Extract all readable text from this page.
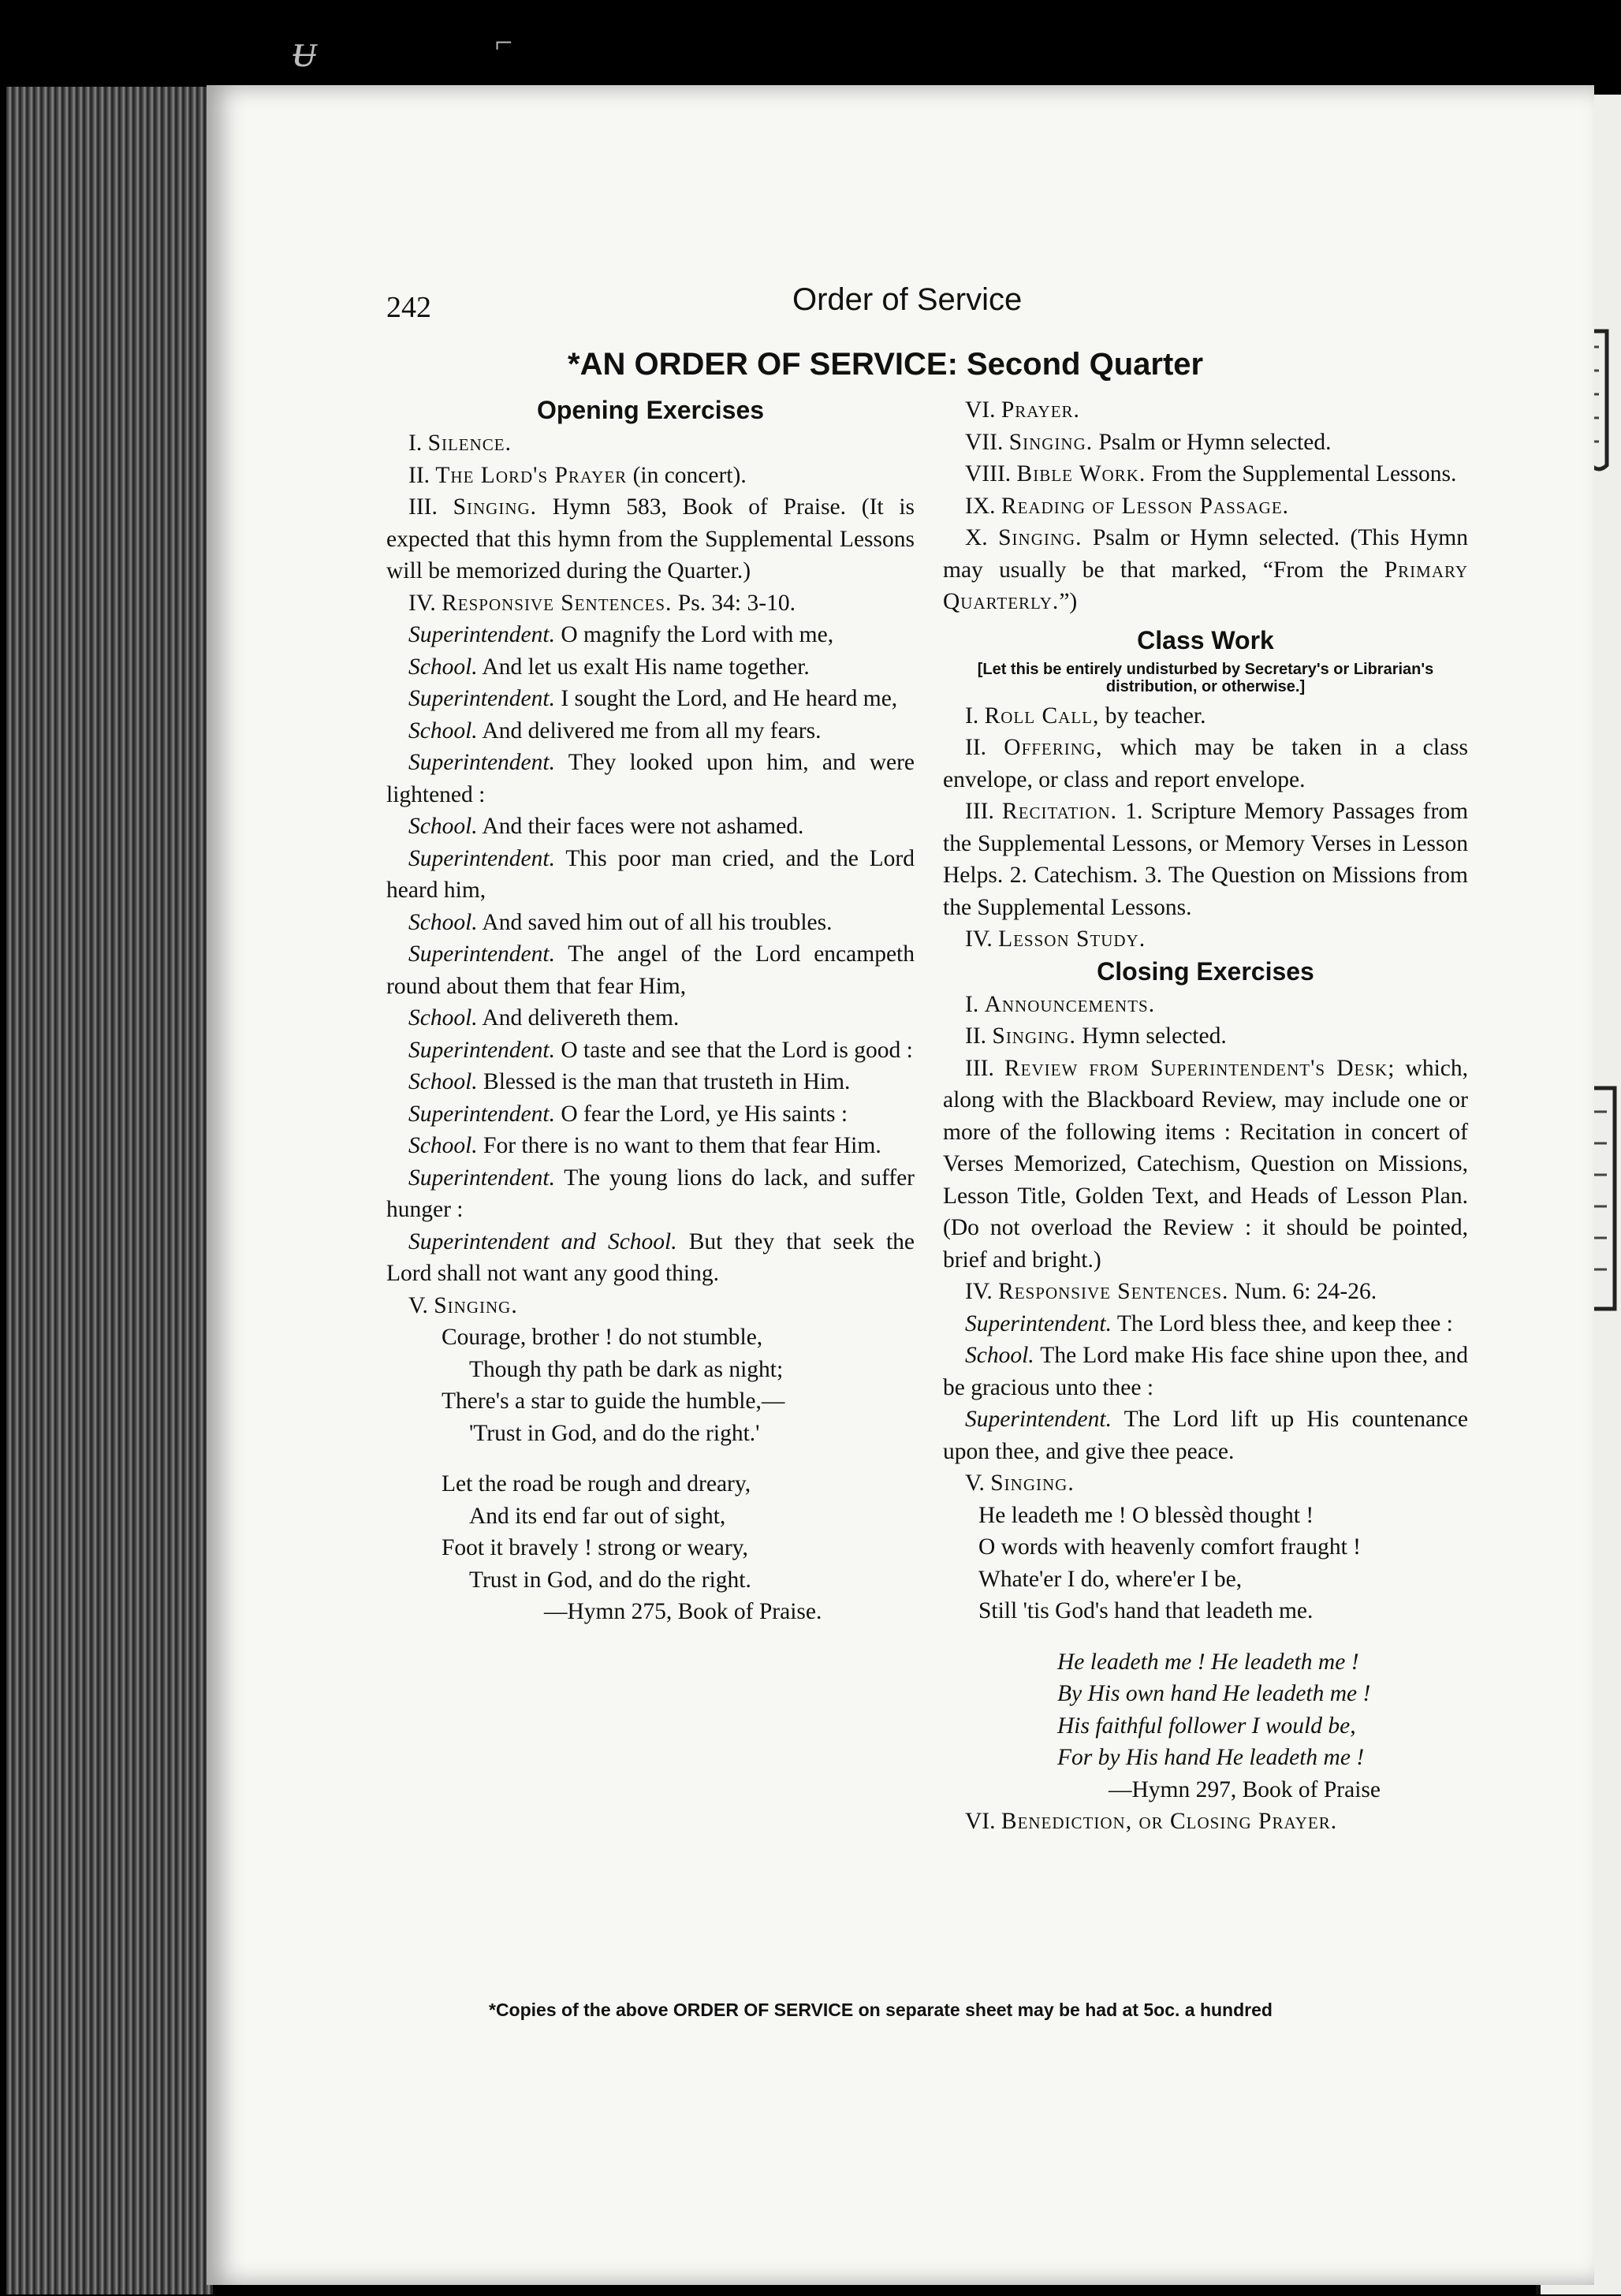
ᵾ	⌐
242	Order of Service
*AN ORDER OF SERVICE: Second Quarter
Opening Exercises

I. Silence.

II. The Lord's Prayer (in concert).

III. Singing. Hymn 583, Book of Praise. (It is expected that this hymn from the Supplemental Lessons will be memorized during the Quarter.)

IV. Responsive Sentences. Ps. 34: 3-10.

Superintendent. O magnify the Lord with me,

School. And let us exalt His name together.

Superintendent. I sought the Lord, and He heard me,

School. And delivered me from all my fears.

Superintendent. They looked upon him, and were lightened :

School. And their faces were not ashamed.

Superintendent. This poor man cried, and the Lord heard him,

School. And saved him out of all his troubles.

Superintendent. The angel of the Lord encampeth round about them that fear Him,

School. And delivereth them.

Superintendent. O taste and see that the Lord is good :

School. Blessed is the man that trusteth in Him.

Superintendent. O fear the Lord, ye His saints :

School. For there is no want to them that fear Him.

Superintendent. The young lions do lack, and suffer hunger :

Superintendent and School. But they that seek the Lord shall not want any good thing.

V. Singing.

Courage, brother ! do not stumble,

Though thy path be dark as night;

There's a star to guide the humble,—

'Trust in God, and do the right.'

Let the road be rough and dreary,

And its end far out of sight,

Foot it bravely ! strong or weary,

Trust in God, and do the right.

—Hymn 275, Book of Praise.

VI. Prayer.

VII. Singing. Psalm or Hymn selected.

VIII. Bible Work. From the Supplemental Lessons.

IX. Reading of Lesson Passage.

X. Singing. Psalm or Hymn selected. (This Hymn may usually be that marked, “From the Primary Quarterly.”)

Class Work
[Let this be entirely undisturbed by Secretary's or Librarian's distribution, or otherwise.]

I. Roll Call, by teacher.

II. Offering, which may be taken in a class envelope, or class and report envelope.

III. Recitation. 1. Scripture Memory Passages from the Supplemental Lessons, or Memory Verses in Lesson Helps. 2. Catechism. 3. The Question on Missions from the Supplemental Lessons.

IV. Lesson Study.

Closing Exercises

I. Announcements.

II. Singing. Hymn selected.

III. Review from Superintendent's Desk; which, along with the Blackboard Review, may include one or more of the following items : Recitation in concert of Verses Memorized, Catechism, Question on Missions, Lesson Title, Golden Text, and Heads of Lesson Plan. (Do not overload the Review : it should be pointed, brief and bright.)

IV. Responsive Sentences. Num. 6: 24-26.

Superintendent. The Lord bless thee, and keep thee :

School. The Lord make His face shine upon thee, and be gracious unto thee :

Superintendent. The Lord lift up His countenance upon thee, and give thee peace.

V. Singing.

He leadeth me ! O blessèd thought !

O words with heavenly comfort fraught !

Whate'er I do, where'er I be,

Still 'tis God's hand that leadeth me.

He leadeth me ! He leadeth me !

By His own hand He leadeth me !

His faithful follower I would be,

For by His hand He leadeth me !

—Hymn 297, Book of Praise

VI. Benediction, or Closing Prayer.

*Copies of the above ORDER OF SERVICE on separate sheet may be had at 5oc. a hundred
